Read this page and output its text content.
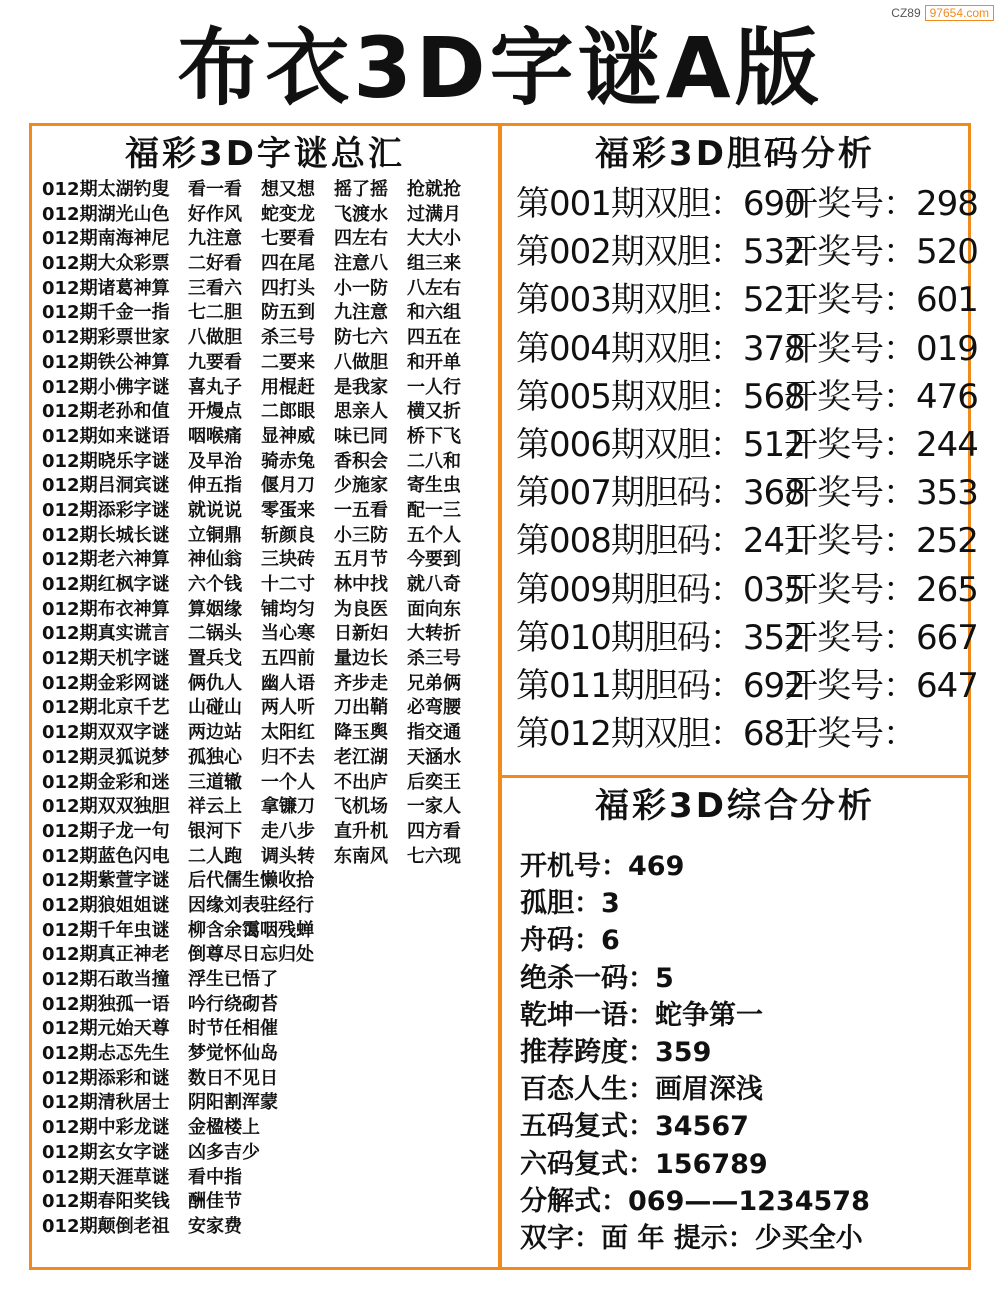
CZ89 97654.com
布衣3D字谜A版
福彩3D字谜总汇
012期太湖钓叟 看一看 想又想 摇了摇 抢就抢
012期湖光山色 好作风 蛇变龙 飞渡水 过满月
012期南海神尼 九注意 七要看 四左右 大大小
012期大众彩票 二好看 四在尾 注意八 组三来
012期诸葛神算 三看六 四打头 小一防 八左右
012期千金一指 七二胆 防五到 九注意 和六组
012期彩票世家 八做胆 杀三号 防七六 四五在
012期铁公神算 九要看 二要来 八做胆 和开单
012期小佛字谜 喜丸子 用棍赶 是我家 一人行
012期老孙和值 开熳点 二郎眼 思亲人 横又折
012期如来谜语 咽喉痛 显神威 味已同 桥下飞
012期晓乐字谜 及早治 骑赤兔 香积会 二八和
012期吕洞宾谜 伸五指 偃月刀 少施家 寄生虫
012期添彩字谜 就说说 零蛋来 一五看 配一三
012期长城长谜 立铜鼎 斩颜良 小三防 五个人
012期老六神算 神仙翁 三块砖 五月节 今要到
012期红枫字谜 六个钱 十二寸 林中找 就八奇
012期布衣神算 算姻缘 铺均匀 为良医 面向东
012期真实谎言 二锅头 当心寒 日新妇 大转折
012期天机字谜 置兵戈 五四前 量边长 杀三号
012期金彩网谜 俩仇人 幽人语 齐步走 兄弟俩
012期北京千艺 山碰山 两人听 刀出鞘 必弯腰
012期双双字谜 两边站 太阳红 降玉舆 指交通
012期灵狐说梦 孤独心 归不去 老江湖 天涵水
012期金彩和迷 三道辙 一个人 不出庐 后奕王
012期双双独胆 祥云上 拿镰刀 飞机场 一家人
012期子龙一句 银河下 走八步 直升机 四方看
012期蓝色闪电 二人跑 调头转 东南风 七六现
012期紫萱字谜 后代儒生懒收拾
012期狼姐姐谜 因缘刘表驻经行
012期千年虫谜 柳含余霭咽残蝉
012期真正神老 倒尊尽日忘归处
012期石敢当撞 浮生已悟了
012期独孤一语 吟行绕砌苔
012期元始天尊 时节任相催
012期忐忑先生 梦觉怀仙岛
012期添彩和谜 数日不见日
012期清秋居士 阴阳割浑蒙
012期中彩龙谜 金楹楼上
012期玄女字谜 凶多吉少
012期天涯草谜 看中指
012期春阳奖钱 酬佳节
012期颠倒老祖 安家费
福彩3D胆码分析
第001期双胆：690开奖号：298
第002期双胆：532开奖号：520
第003期双胆：521开奖号：601
第004期双胆：378开奖号：019
第005期双胆：568开奖号：476
第006期双胆：512开奖号：244
第007期胆码：368开奖号：353
第008期胆码：241开奖号：252
第009期胆码：035开奖号：265
第010期胆码：352开奖号：667
第011期胆码：692开奖号：647
第012期双胆：681开奖号：
福彩3D综合分析
开机号：469
孤胆：3
舟码：6
绝杀一码：5
乾坤一语：蛇争第一
推荐跨度：359
百态人生：画眉深浅
五码复式：34567
六码复式：156789
分解式：069——1234578
双字：面 年 提示：少买全小
